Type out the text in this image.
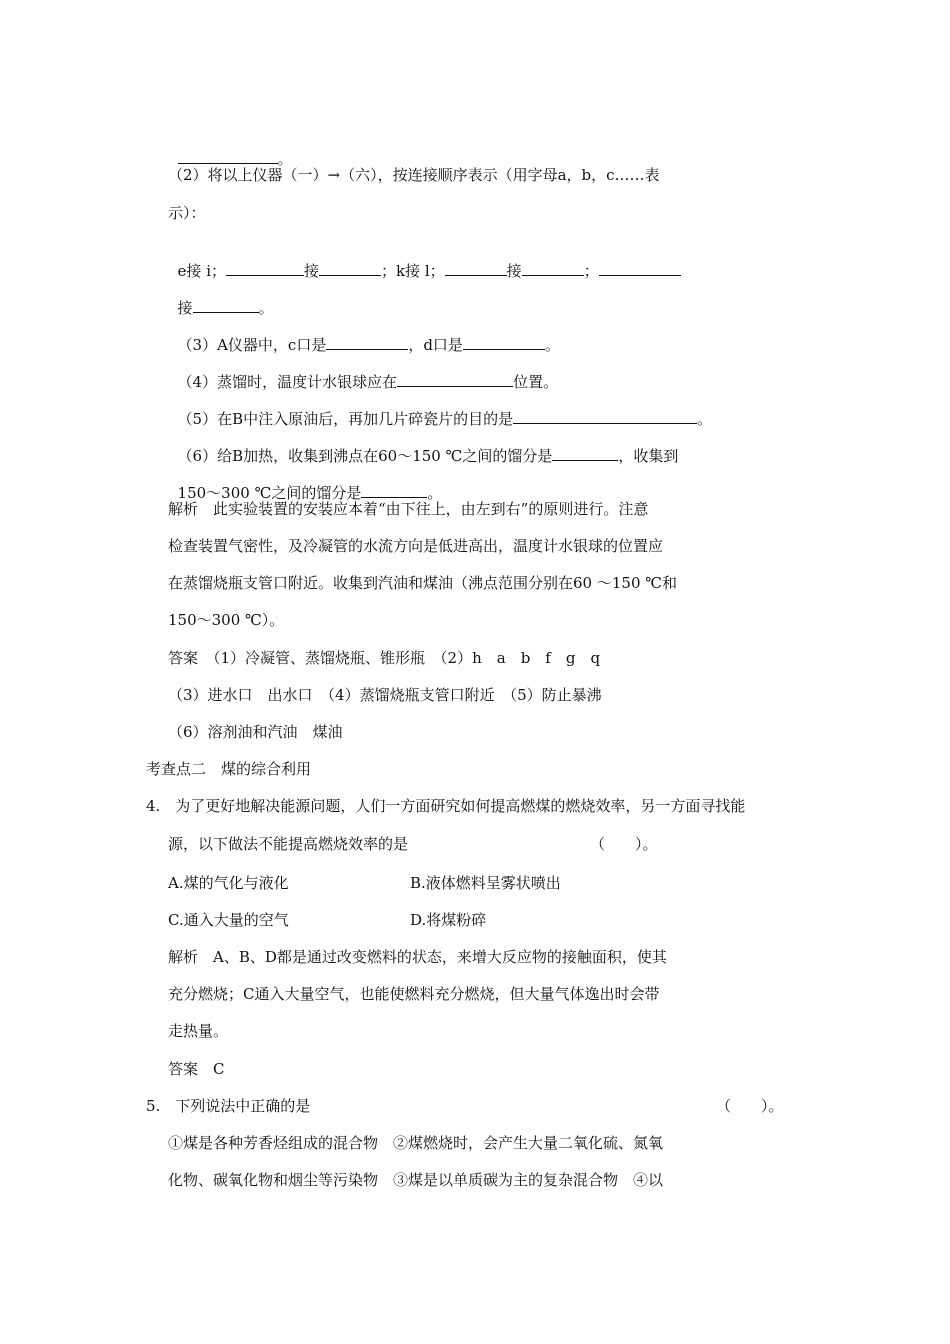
。

（2）将以上仪器（一）→（六），按连接顺序表示（用字母a，b，c……表
示）：

e接 i；	接	；k接 l；	接	；

接	。

（3）A仪器中，c口是	，d口是	。

（4）蒸馏时，温度计水银球应在	位置。

（5）在B中注入原油后，再加几片碎瓷片的目的是	。

（6）给B加热，收集到沸点在60～150 ℃之间的馏分是	，收集到

150～300 ℃之间的馏分是	。

解析　此实验装置的安装应本着“由下往上，由左到右”的原则进行。注意
检查装置气密性，及冷凝管的水流方向是低进高出，温度计水银球的位置应
在蒸馏烧瓶支管口附近。收集到汽油和煤油（沸点范围分别在60 ～150 ℃和
150～300 ℃）。
答案　（1）冷凝管、蒸馏烧瓶、锥形瓶　（2）h　a　b　f　g　q
（3）进水口　出水口　（4）蒸馏烧瓶支管口附近　（5）防止暴沸
（6）溶剂油和汽油　煤油
考查点二　煤的综合利用
4.　为了更好地解决能源问题，人们一方面研究如何提高燃煤的燃烧效率，另一方面寻找能
源，以下做法不能提高燃烧效率的是	（　　）。
A.煤的气化与液化	B.液体燃料呈雾状喷出
C.通入大量的空气	D.将煤粉碎
解析　A、B、D都是通过改变燃料的状态，来增大反应物的接触面积，使其
充分燃烧；C通入大量空气，也能使燃料充分燃烧，但大量气体逸出时会带
走热量。
答案　C
5.　下列说法中正确的是	（　　）。
①煤是各种芳香烃组成的混合物　②煤燃烧时，会产生大量二氧化硫、氮氧
化物、碳氧化物和烟尘等污染物　③煤是以单质碳为主的复杂混合物　④以
